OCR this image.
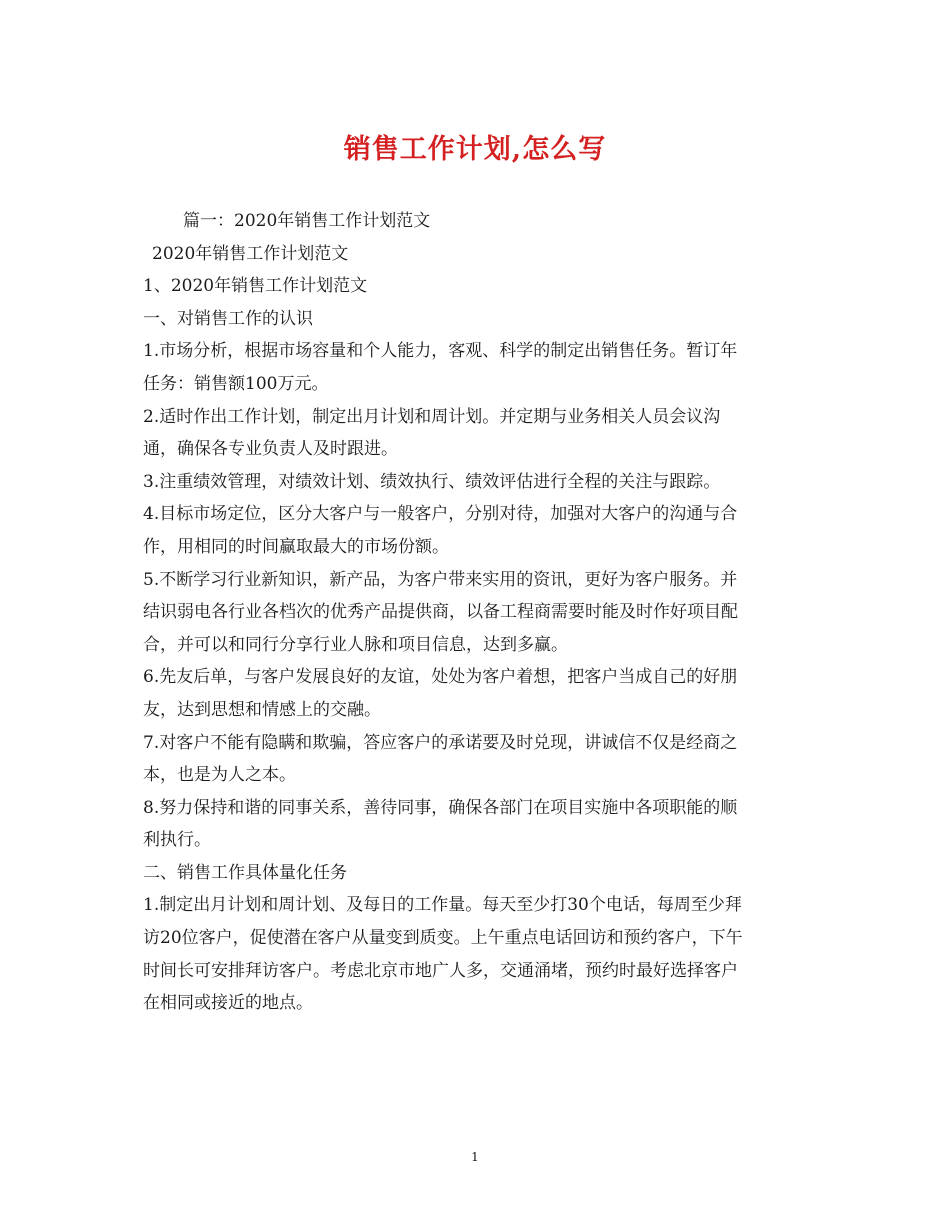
销售工作计划,怎么写
篇一：2020年销售工作计划范文
2020年销售工作计划范文
1、2020年销售工作计划范文
一、对销售工作的认识
1.市场分析，根据市场容量和个人能力，客观、科学的制定出销售任务。暂订年
任务：销售额100万元。
2.适时作出工作计划，制定出月计划和周计划。并定期与业务相关人员会议沟
通，确保各专业负责人及时跟进。
3.注重绩效管理，对绩效计划、绩效执行、绩效评估进行全程的关注与跟踪。
4.目标市场定位，区分大客户与一般客户，分别对待，加强对大客户的沟通与合
作，用相同的时间赢取最大的市场份额。
5.不断学习行业新知识，新产品，为客户带来实用的资讯，更好为客户服务。并
结识弱电各行业各档次的优秀产品提供商，以备工程商需要时能及时作好项目配
合，并可以和同行分享行业人脉和项目信息，达到多赢。
6.先友后单，与客户发展良好的友谊，处处为客户着想，把客户当成自己的好朋
友，达到思想和情感上的交融。
7.对客户不能有隐瞒和欺骗，答应客户的承诺要及时兑现，讲诚信不仅是经商之
本，也是为人之本。
8.努力保持和谐的同事关系，善待同事，确保各部门在项目实施中各项职能的顺
利执行。
二、销售工作具体量化任务
1.制定出月计划和周计划、及每日的工作量。每天至少打30个电话，每周至少拜
访20位客户，促使潜在客户从量变到质变。上午重点电话回访和预约客户，下午
时间长可安排拜访客户。考虑北京市地广人多，交通涌堵，预约时最好选择客户
在相同或接近的地点。
1
